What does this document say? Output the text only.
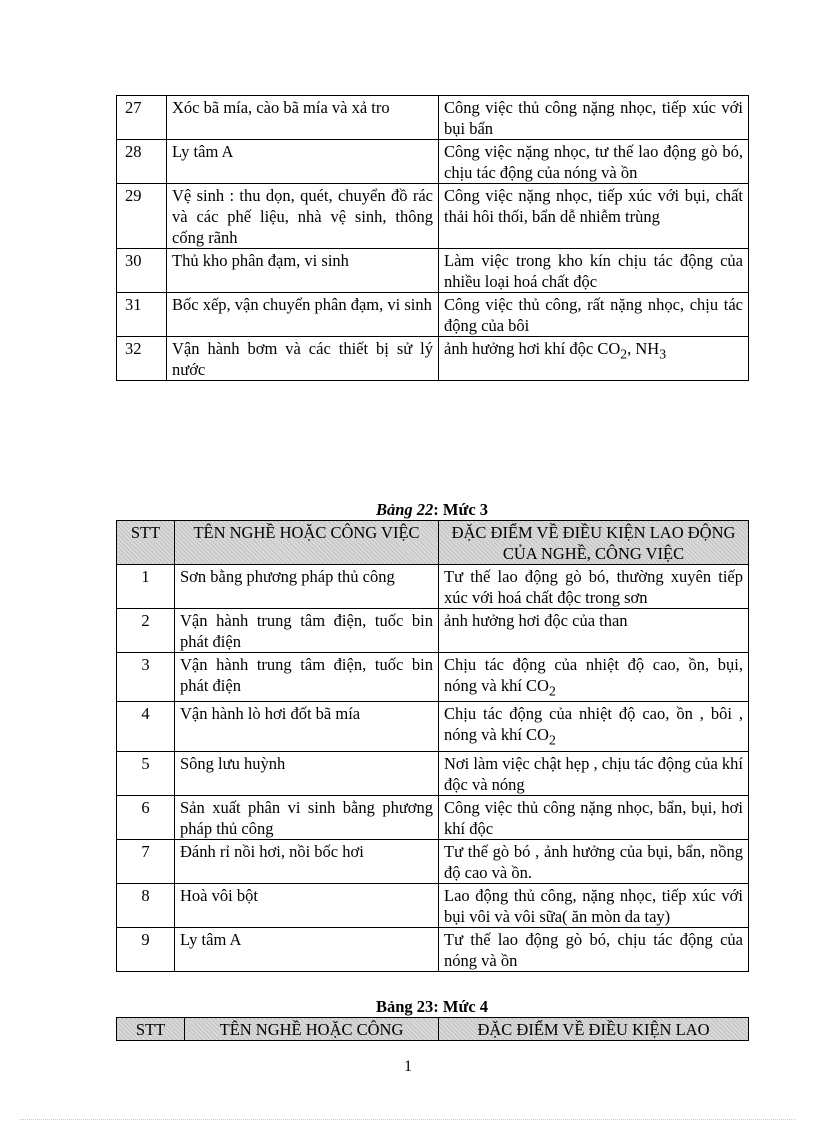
27	Xóc bã mía, cào bã mía và xả tro	Công việc thủ công nặng nhọc, tiếp xúc với bụi bẩn
28	Ly tâm A	Công việc nặng nhọc, tư thế lao động gò bó, chịu tác động của nóng và ồn
29	Vệ sinh : thu dọn, quét, chuyển đồ rác và các phế liệu, nhà vệ sinh, thông cống rãnh	Công việc nặng nhọc, tiếp xúc với bụi, chất thải hôi thối, bẩn dễ nhiễm trùng
30	Thủ kho phân đạm, vi sinh	Làm việc trong kho kín chịu tác động của nhiều loại hoá chất độc
31	Bốc xếp, vận chuyển phân đạm, vi sinh	Công việc thủ công, rất nặng nhọc, chịu tác động của bôi
32	Vận hành bơm và các thiết bị sử lý nước	ảnh hưởng hơi khí độc $CO_2$, $NH_3$
Bảng 22: Mức 3
STT	TÊN NGHỀ HOẶC CÔNG VIỆC	ĐẶC ĐIỂM VỀ ĐIỀU KIỆN LAO ĐỘNG CỦA NGHỀ, CÔNG VIỆC
1	Sơn bằng phương pháp thủ công	Tư thế lao động gò bó, thường xuyên tiếp xúc với hoá chất độc trong sơn
2	Vận hành trung tâm điện, tuốc bin phát điện	ảnh hưởng hơi độc của than
3	Vận hành trung tâm điện, tuốc bin phát điện	Chịu tác động của nhiệt độ cao, ồn, bụi, nóng và khí $CO_2$
4	Vận hành lò hơi đốt bã mía	Chịu tác động của nhiệt độ cao, ồn , bôi , nóng và khí $CO_2$
5	Sông lưu huỳnh	Nơi làm việc chật hẹp , chịu tác động của khí độc và nóng
6	Sản xuất phân vi sinh bằng phương pháp thủ công	Công việc thủ công nặng nhọc, bẩn, bụi, hơi khí độc
7	Đánh rỉ nồi hơi, nồi bốc hơi	Tư thế gò bó , ảnh hưởng của bụi, bẩn, nồng độ cao và ồn.
8	Hoà vôi bột	Lao động thủ công, nặng nhọc, tiếp xúc với bụi vôi và vôi sữa( ăn mòn da tay)
9	Ly tâm A	Tư thế lao động gò bó, chịu tác động của nóng và ồn
Bảng 23: Mức 4
STT	TÊN NGHỀ HOẶC CÔNG	ĐẶC ĐIỂM VỀ ĐIỀU KIỆN LAO
1
